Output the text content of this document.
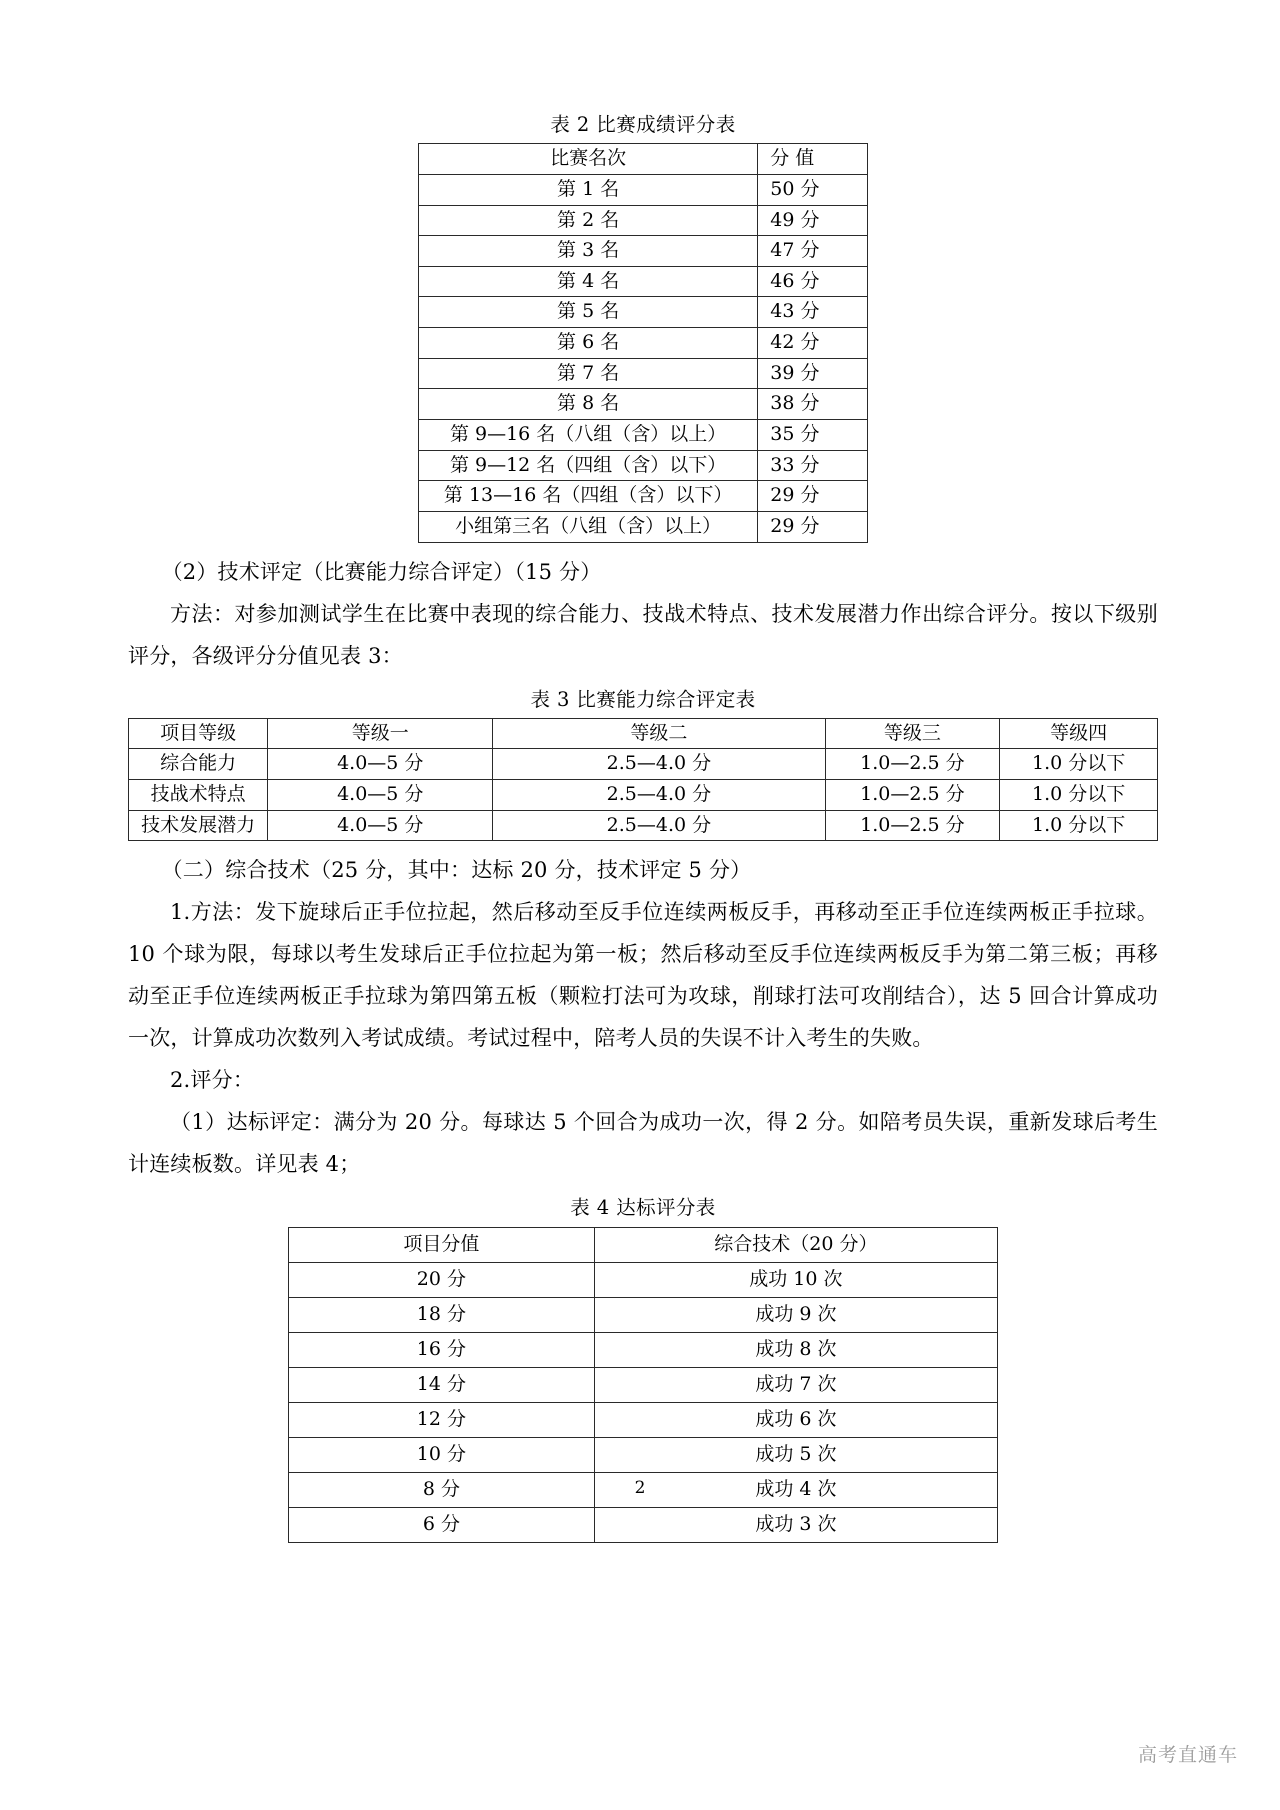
表 2 比赛成绩评分表
比赛名次	分 值
第 1 名	50 分
第 2 名	49 分
第 3 名	47 分
第 4 名	46 分
第 5 名	43 分
第 6 名	42 分
第 7 名	39 分
第 8 名	38 分
第 9—16 名（八组（含）以上）	35 分
第 9—12 名（四组（含）以下）	33 分
第 13—16 名（四组（含）以下）	29 分
小组第三名（八组（含）以上）	29 分

（2）技术评定（比赛能力综合评定）（15 分）

方法：对参加测试学生在比赛中表现的综合能力、技战术特点、技术发展潜力作出综合评分。按以下级别评分，各级评分分值见表 3：

表 3 比赛能力综合评定表
项目等级	等级一	等级二	等级三	等级四
综合能力	4.0—5 分	2.5—4.0 分	1.0—2.5 分	1.0 分以下
技战术特点	4.0—5 分	2.5—4.0 分	1.0—2.5 分	1.0 分以下
技术发展潜力	4.0—5 分	2.5—4.0 分	1.0—2.5 分	1.0 分以下

（二）综合技术（25 分，其中：达标 20 分，技术评定 5 分）

1.方法：发下旋球后正手位拉起，然后移动至反手位连续两板反手，再移动至正手位连续两板正手拉球。10 个球为限，每球以考生发球后正手位拉起为第一板；然后移动至反手位连续两板反手为第二第三板；再移动至正手位连续两板正手拉球为第四第五板（颗粒打法可为攻球，削球打法可攻削结合），达 5 回合计算成功一次，计算成功次数列入考试成绩。考试过程中，陪考人员的失误不计入考生的失败。

2.评分：

（1）达标评定：满分为 20 分。每球达 5 个回合为成功一次，得 2 分。如陪考员失误，重新发球后考生计连续板数。详见表 4；

表 4 达标评分表
项目分值	综合技术（20 分）
20 分	成功 10 次
18 分	成功 9 次
16 分	成功 8 次
14 分	成功 7 次
12 分	成功 6 次
10 分	成功 5 次
8 分	成功 4 次
6 分	成功 3 次
2
高考直通车
